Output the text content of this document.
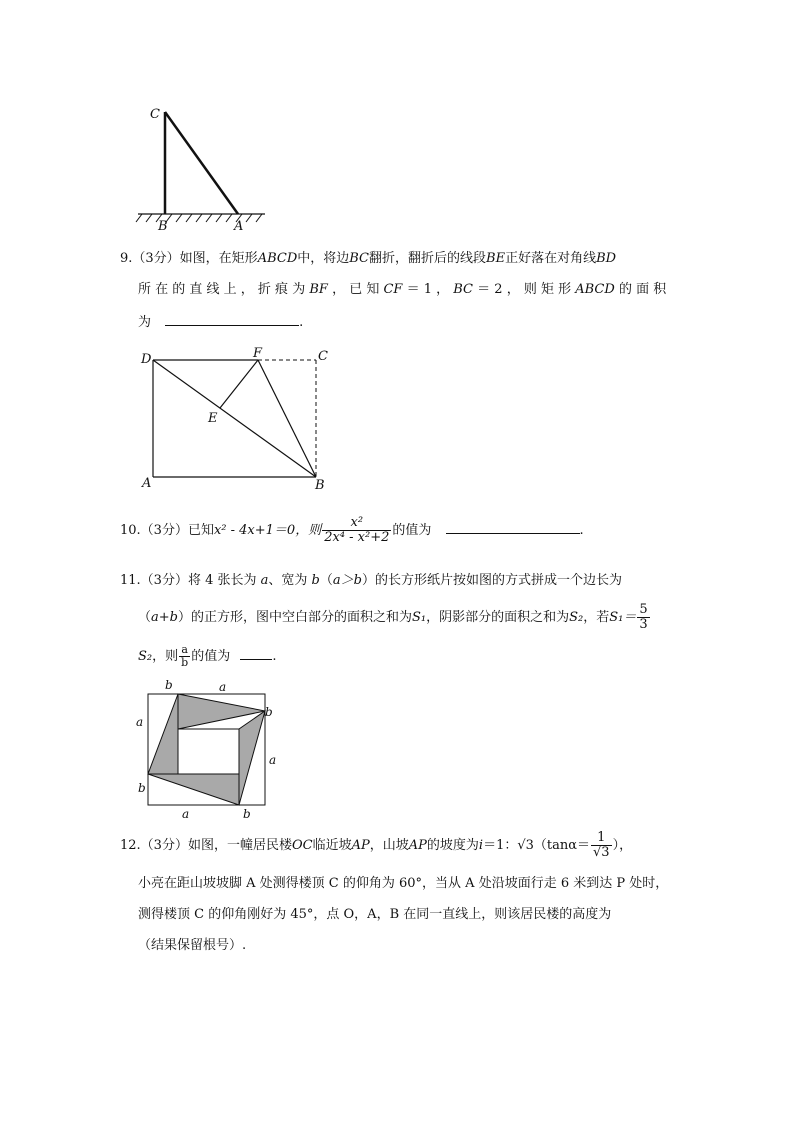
C
B	A
9.（3分）如图，在矩形ABCD中，将边BC翻折，翻折后的线段BE正好落在对角线BD
所 在 的 直 线 上 ， 折 痕 为 BF ， 已 知 CF ＝ 1 ， BC ＝ 2 ， 则 矩 形 ABCD 的 面 积
为	.
D	F	C
E
A	B
10.（3分）已知x² - 4x+1＝0，则 $\frac{\text{x²}}{\text{2x⁴ - x²+2}}$ 的值为	.
11.（3分）将 4 张长为 a、宽为 b（a＞b）的长方形纸片按如图的方式拼成一个边长为
（a+b）的正方形，图中空白部分的面积之和为S₁，阴影部分的面积之和为S₂，若$S_1= \frac{5}{3}$
S₂，则 $\frac{a}{b}$ 的值为	.
b	a
a
b
b
a
a	b
12.（3分）如图，一幢居民楼OC临近坡AP，山坡AP的坡度为i＝1：$√3(\tan\alpha= \frac{1}{√3}$ ），
小亮在距山坡坡脚 A 处测得楼顶 C 的仰角为 60°，当从 A 处沿坡面行走 6 米到达 P 处时，
测得楼顶 C 的仰角刚好为 45°，点 O，A，B 在同一直线上，则该居民楼的高度为
（结果保留根号）.
